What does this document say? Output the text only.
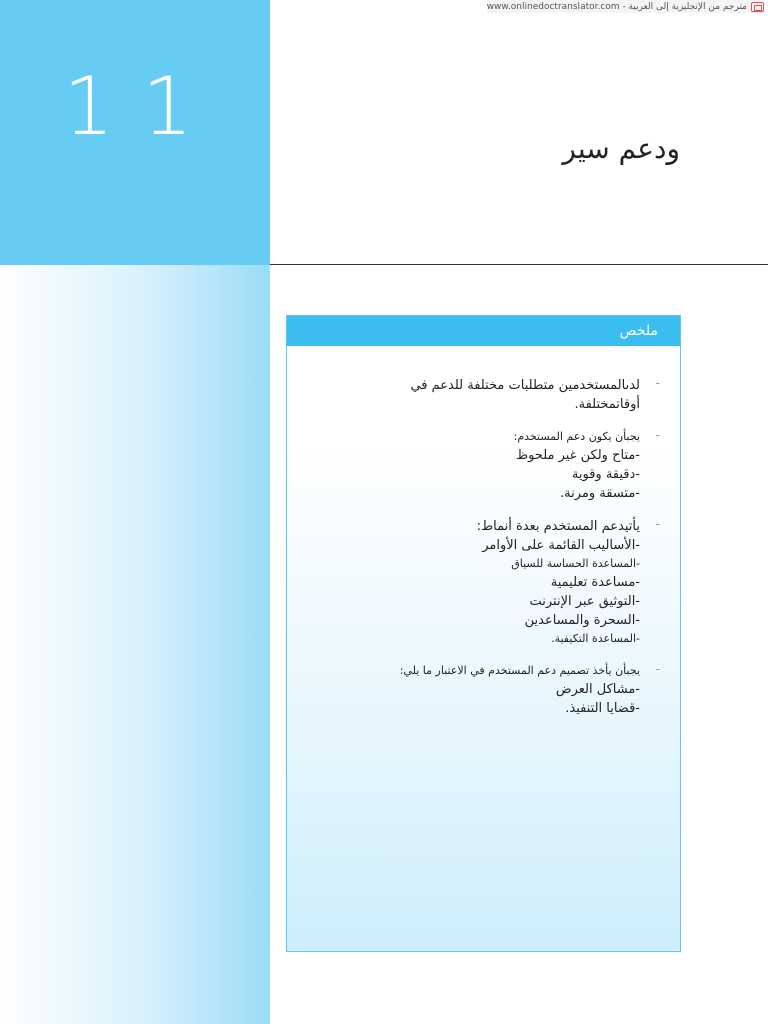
11
مترجم من الإنجليزية إلى العربية - www.onlinedoctranslator.com
ودعم سير
ملخص
-
لدىالمستخدمين متطلبات مختلفة للدعم في
أوقاتمختلفة.
-
يجبأن يكون دعم المستخدم:
-متاح ولكن غير ملحوظ
-دقيقة وقوية
-متسقة ومرنة.
-
يأتيدعم المستخدم بعدة أنماط:
-الأساليب القائمة على الأوامر
-المساعدة الحساسة للسياق
-مساعدة تعليمية
-التوثيق عبر الإنترنت
-السحرة والمساعدين
-المساعدة التكيفية.
-
يجبأن يأخذ تصميم دعم المستخدم في الاعتبار ما يلي:
-مشاكل العرض
-قضايا التنفيذ.
